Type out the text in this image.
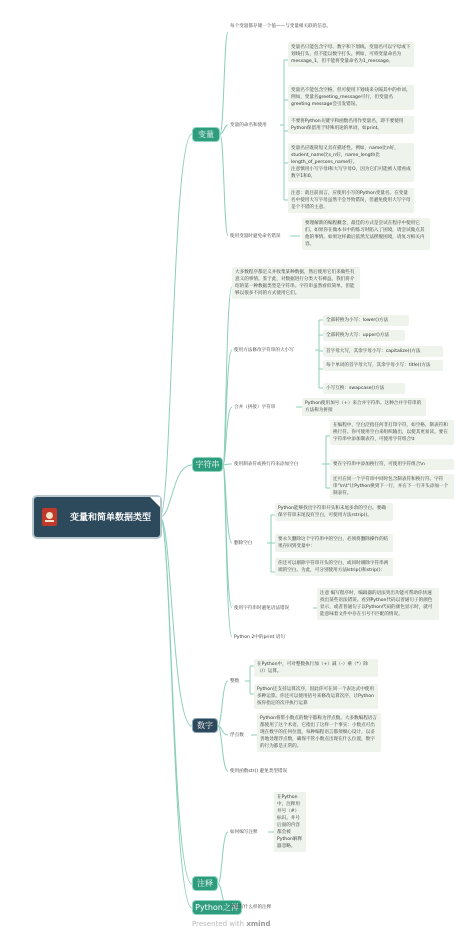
变量和简单数据类型
变量
字符串
数字
注释
Python之禅
每个变量都存储一个值——与变量相关联的信息。
变量的命名和使用
变量名只能包含字母、数字和下划线。变量名可以字母或下划线打头，但不能以数字打头。例如，可将变量命名为message_1，但不能将变量命名为1_message。
变量名不能包含空格，但可使用下划线来分隔其中的单词。例如，变量名greeting_message可行，但变量名greeting message会引发错误。
不要将Python关键字和函数名用作变量名，即不要使用Python保留用于特殊用途的单词，如print。
变量名应既简短又具有描述性。例如，name比n好，student_name比s_n好，name_length比length_of_persons_name好。
注意慎用小写字母l和大写字母O，因为它们可能被人错看成数字1和0。
注意：就目前而言，应使用小写的Python变量名。在变量名中使用大写字母虽然不会导致错误，但避免使用大写字母是个不错的主意。
使用变量时避免命名错误
要理解新的编程概念，最佳的方式是尝试在程序中使用它们。如果你在做本书中的练习时陷入了困境，请尝试做点其他的事情。如果这样做后依然无法摆脱困境，请复习相关内容。
大多数程序都定义并收集某种数据，然后使用它们来做些有意义的事情。鉴于此，对数据进行分类大有裨益。我们将介绍的第一种数据类型是字符串。字符串虽然看似简单，但能够以很多不同的方式使用它们。
使用方法修改字符串的大小写
全部转换为小写：lower()方法
全部转换为大写：upper()方法
首字母大写，其余字母小写：capitalize()方法
每个单词的首字母大写，其余字母小写：title()方法
小写互换：swapcase()方法
合并（拼接）字符串
Python使用加号（+）来合并字符串。这种合并字符串的方法称为拼接
使用制表符或换行符来添加空白
在编程中，空白泛指任何非打印字符，如空格、制表符和换行符。你可使用空白来组织输出，以使其更易读。要在字符串中添加制表符，可使用字符组合\t
要在字符串中添加换行符，可使用字符组合\n
还可在同一个字符串中同时包含制表符和换行符。字符串"\n\t"让Python换到下一行，并在下一行开头添加一个制表符。
删除空白
Python能够找出字符串开头和末尾多余的空白。要确保字符串末尾没有空白，可使用方法rstrip()。
要永久删除这个字符串中的空白，必须将删除操作的结果存回到变量中：
你还可以剔除字符串开头的空白，或同时剔除字符串两端的空白。为此，可分别使用方法lstrip()和strip()：
使用字符串时避免语法错误
注意 编写程序时，编辑器的语法突出功能可帮助你快速找出某些语法错误。看到Python代码以普通句子的颜色显示，或者普通句子以Python代码的颜色显示时，就可能意味着文件中存在引号不匹配的情况。
Python 2中的print 语句
整数
在Python中，可对整数执行加（+）减（-）乘（*）除（/）运算。
Python还支持运算次序，因此你可在同一个表达式中使用多种运算。你还可以使用括号来修改运算次序，让Python按你指定的次序执行运算
浮点数
Python将带小数点的数字都称为浮点数。大多数编程语言都使用了这个术语，它指出了这样一个事实：小数点可出现在数字的任何位置。每种编程语言都须细心设计，以妥善地处理浮点数，确保不管小数点出现在什么位置，数字的行为都是正常的。
使用函数str() 避免类型错误
如何编写注释
在Python中，注释用井号（#）标识。井号后面的内容都会被Python解释器忽略。
该编写什么样的注释
Presented with xmind
